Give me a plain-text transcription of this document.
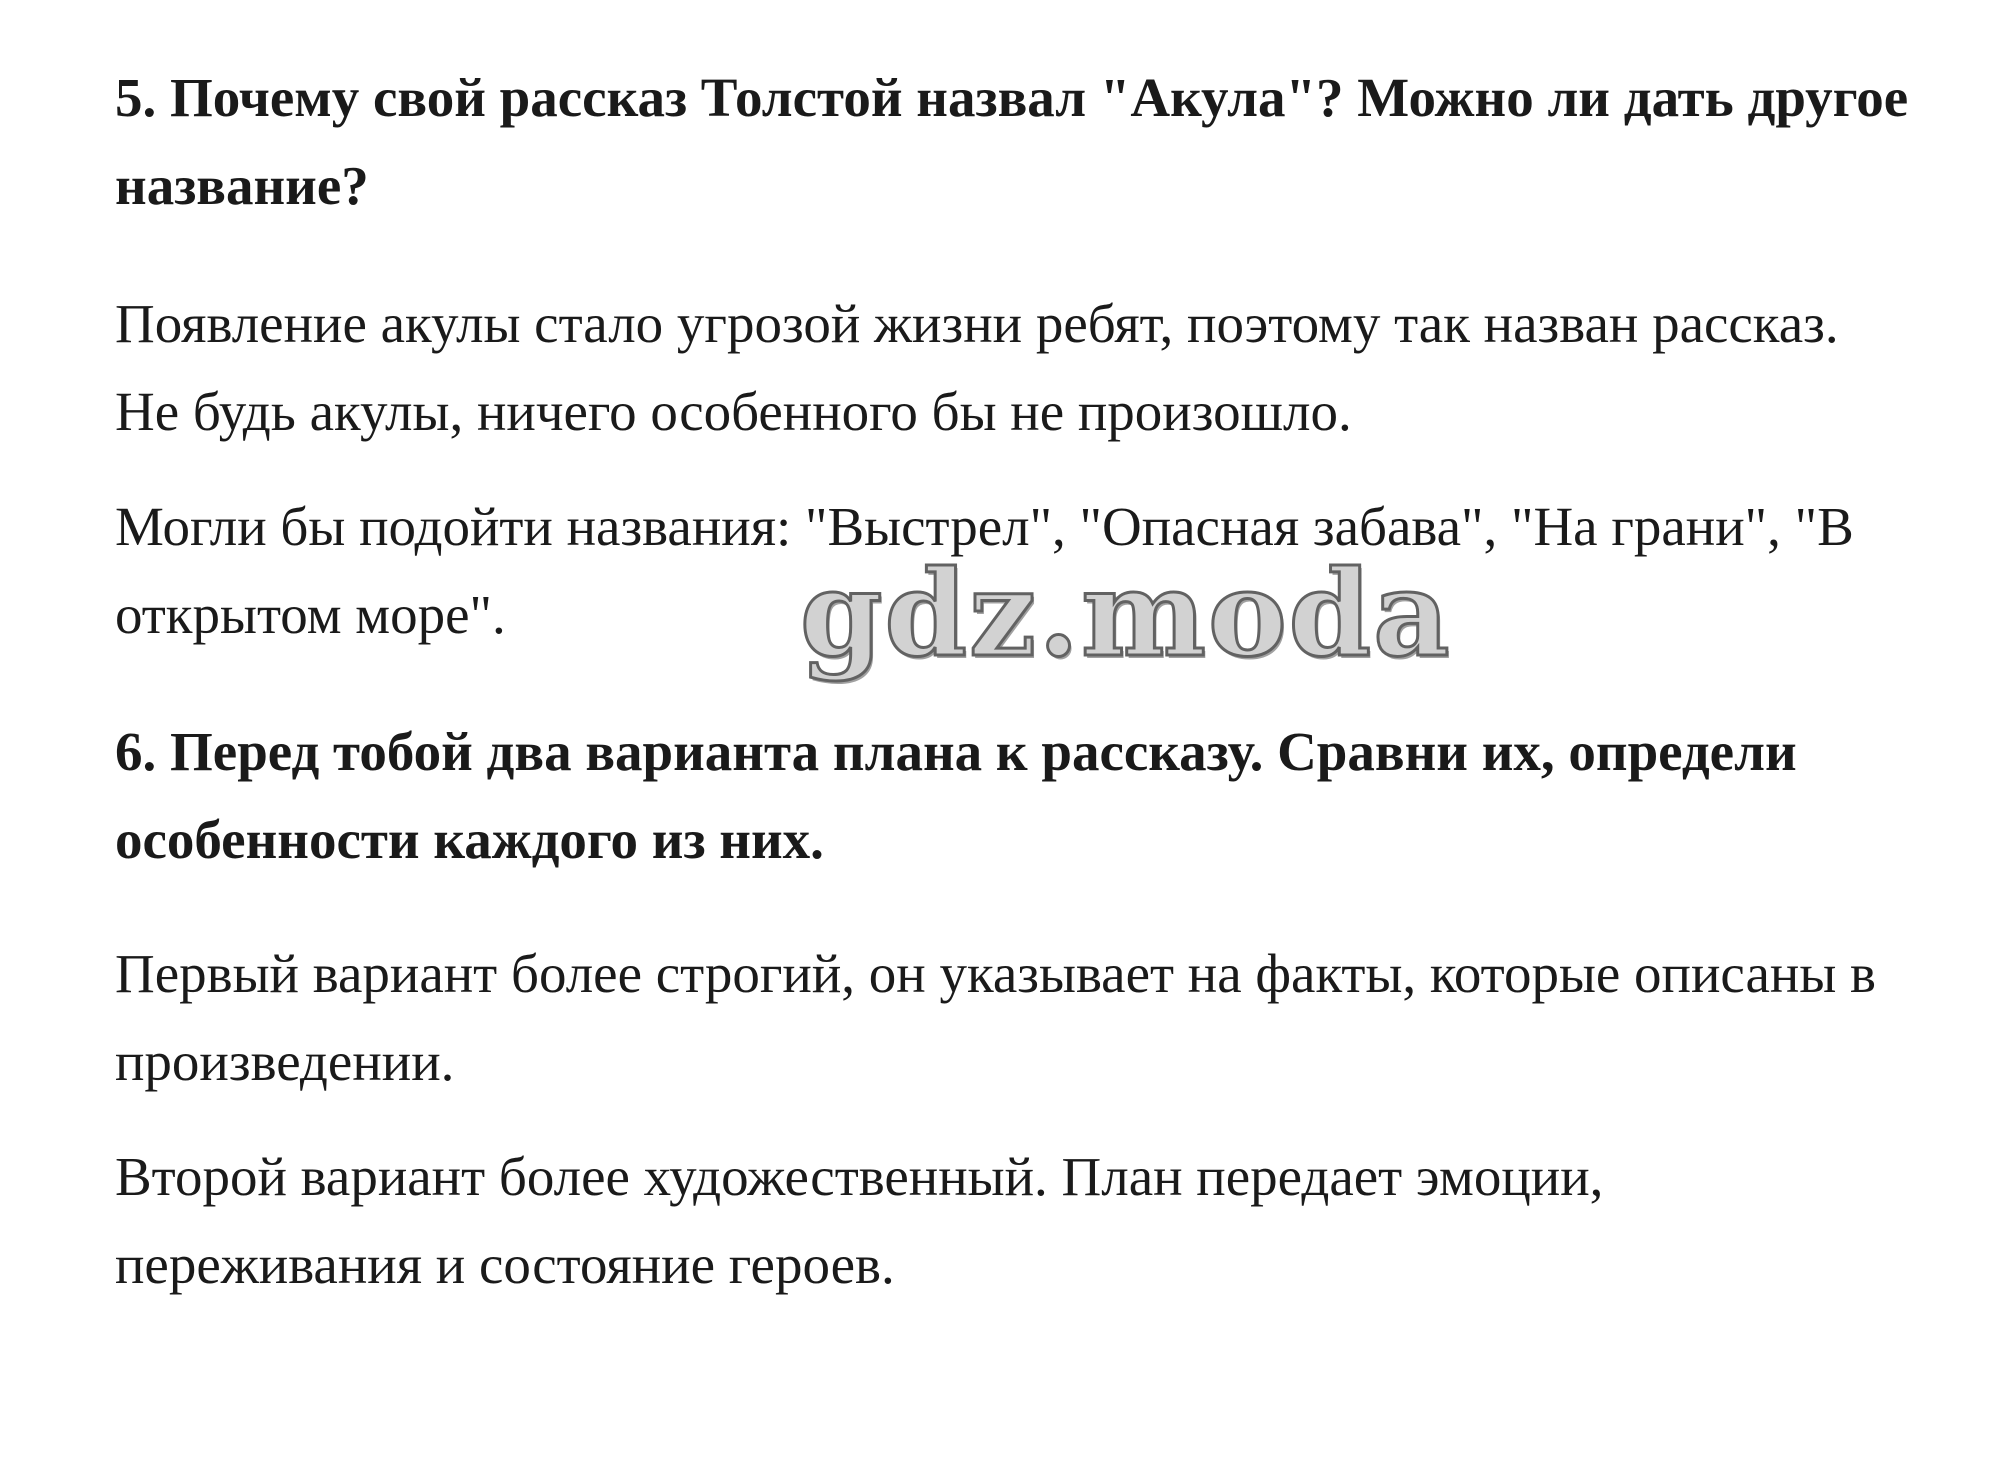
5. Почему свой рассказ Толстой назвал "Акула"? Можно ли дать другое название?

Появление акулы стало угрозой жизни ребят, поэтому так назван рассказ. Не будь акулы, ничего особенного бы не произошло.

Могли бы подойти названия: "Выстрел", "Опасная забава", "На грани", "В открытом море".	gdz.moda

6. Перед тобой два варианта плана к рассказу. Сравни их, определи особенности каждого из них.

Первый вариант более строгий, он указывает на факты, которые описаны в произведении.

Второй вариант более художественный. План передает эмоции, переживания и состояние героев.
